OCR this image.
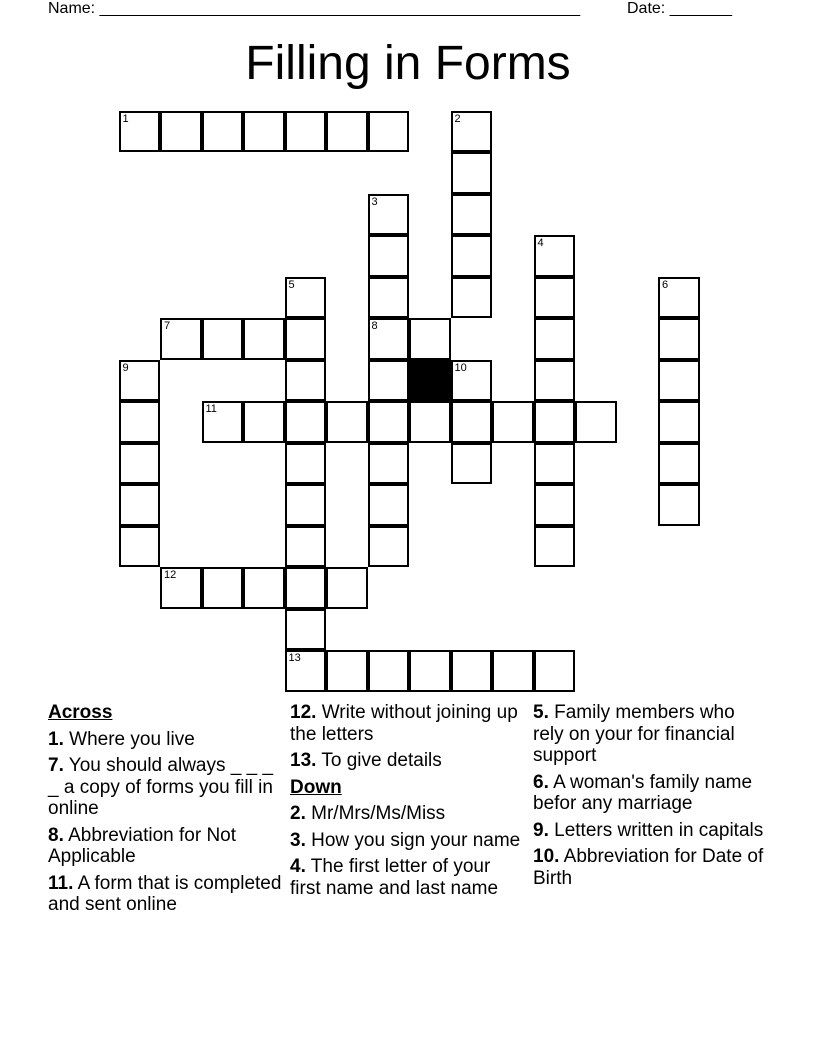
Name: ______________________________________________________	Date: _______
Filling in Forms
1	2
3
4
5	6
7	8
9	10
11
12
13
Across
1. Where you live
7. You should always _ _ _ _ a copy of forms you fill in online
8. Abbreviation for Not Applicable
11. A form that is completed and sent online
12. Write without joining up the letters
13. To give details
Down
2. Mr/Mrs/Ms/Miss
3. How you sign your name
4. The first letter of your first name and last name
5. Family members who rely on your for financial support
6. A woman's family name befor any marriage
9. Letters written in capitals
10. Abbreviation for Date of Birth
